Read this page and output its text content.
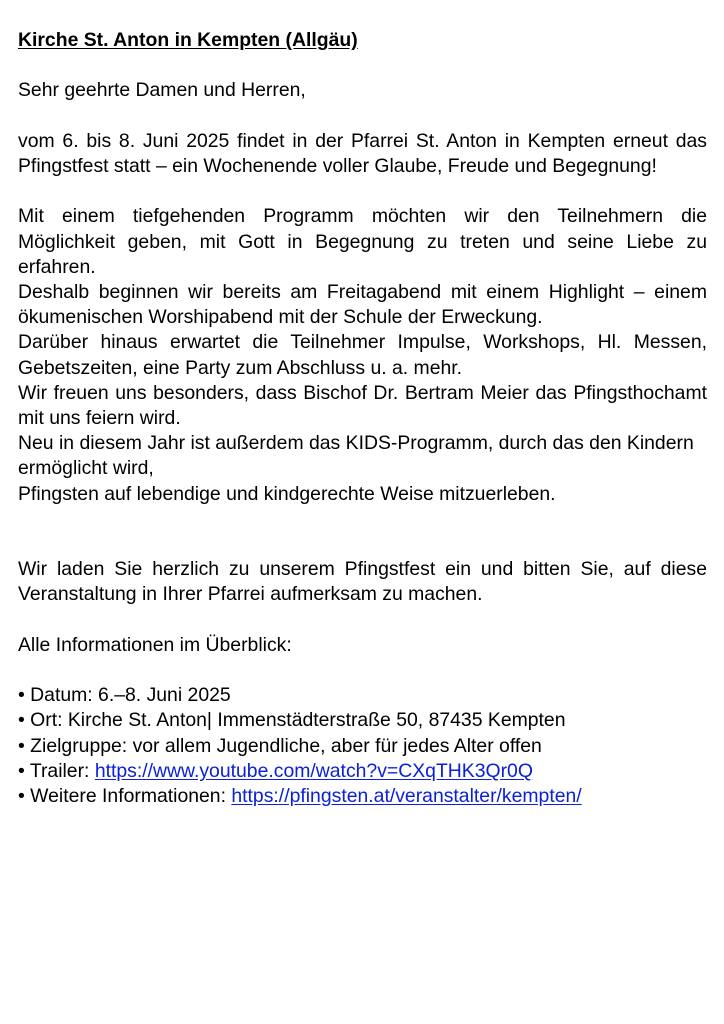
Kirche St. Anton in Kempten (Allgäu)

Sehr geehrte Damen und Herren,

vom 6. bis 8. Juni 2025 findet in der Pfarrei St. Anton in Kempten erneut das Pfingstfest statt – ein Wochenende voller Glaube, Freude und Begegnung!

Mit einem tiefgehenden Programm möchten wir den Teilnehmern die Möglichkeit geben, mit Gott in Begegnung zu treten und seine Liebe zu erfahren.

Deshalb beginnen wir bereits am Freitagabend mit einem Highlight – einem ökumenischen Worshipabend mit der Schule der Erweckung.

Darüber hinaus erwartet die Teilnehmer Impulse, Workshops, Hl. Messen, Gebetszeiten, eine Party zum Abschluss u. a. mehr.

Wir freuen uns besonders, dass Bischof Dr. Bertram Meier das Pfingsthochamt mit uns feiern wird.

Neu in diesem Jahr ist außerdem das KIDS-Programm, durch das den Kindern ermöglicht wird,

Pfingsten auf lebendige und kindgerechte Weise mitzuerleben.

Wir laden Sie herzlich zu unserem Pfingstfest ein und bitten Sie, auf diese Veranstaltung in Ihrer Pfarrei aufmerksam zu machen.

Alle Informationen im Überblick:

• Datum: 6.–8. Juni 2025
• Ort: Kirche St. Anton| Immenstädterstraße 50, 87435 Kempten
• Zielgruppe: vor allem Jugendliche, aber für jedes Alter offen
• Trailer: https://www.youtube.com/watch?v=CXqTHK3Qr0Q
• Weitere Informationen: https://pfingsten.at/veranstalter/kempten/
